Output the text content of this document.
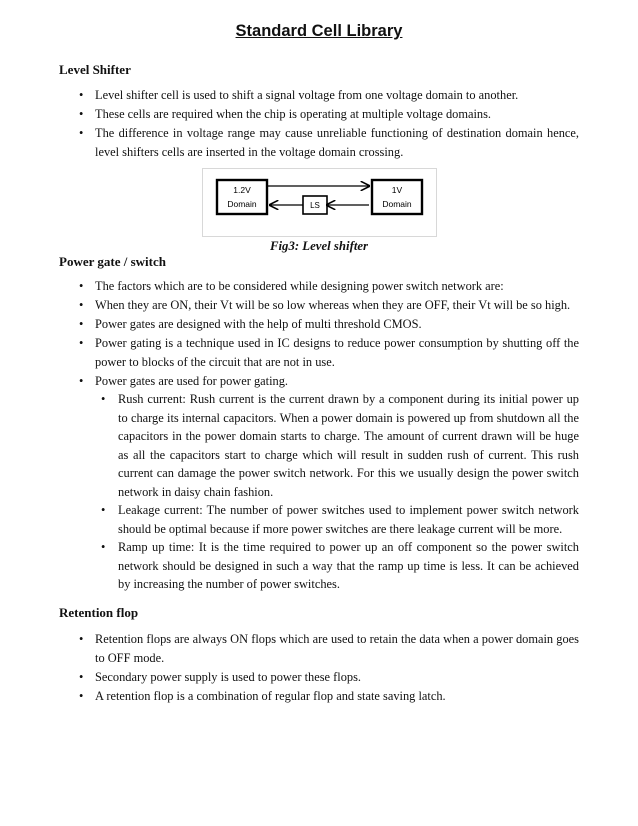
Standard Cell Library
Level Shifter
• Level shifter cell is used to shift a signal voltage from one voltage domain to another.
• These cells are required when the chip is operating at multiple voltage domains.
• The difference in voltage range may cause unreliable functioning of destination domain hence, level shifters cells are inserted in the voltage domain crossing.
1.2V
Domain	LS
1V
Domain

Fig3: Level shifter

Power gate / switch
• The factors which are to be considered while designing power switch network are:
• When they are ON, their Vt will be so low whereas when they are OFF, their Vt will be so high.
• Power gates are designed with the help of multi threshold CMOS.
• Power gating is a technique used in IC designs to reduce power consumption by shutting off the power to blocks of the circuit that are not in use.
• Power gates are used for power gating.
• Rush current: Rush current is the current drawn by a component during its initial power up to charge its internal capacitors. When a power domain is powered up from shutdown all the capacitors in the power domain starts to charge. The amount of current drawn will be huge as all the capacitors start to charge which will result in sudden rush of current. This rush current can damage the power switch network. For this we usually design the power switch network in daisy chain fashion.
• Leakage current: The number of power switches used to implement power switch network should be optimal because if more power switches are there leakage current will be more.
• Ramp up time: It is the time required to power up an off component so the power switch network should be designed in such a way that the ramp up time is less. It can be achieved by increasing the number of power switches.
Retention flop
• Retention flops are always ON flops which are used to retain the data when a power domain goes to OFF mode.
• Secondary power supply is used to power these flops.
• A retention flop is a combination of regular flop and state saving latch.
